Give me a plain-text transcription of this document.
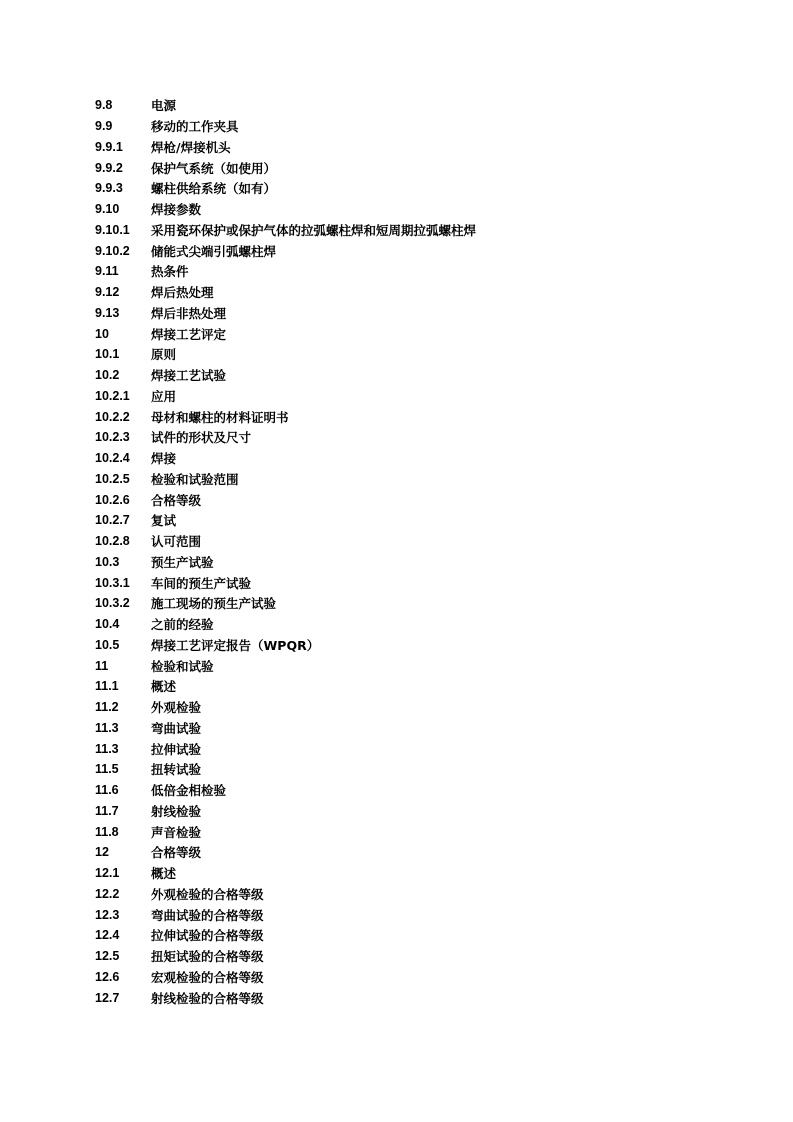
9.8	电源
9.9	移动的工作夹具
9.9.1	焊枪/焊接机头
9.9.2	保护气系统（如使用）
9.9.3	螺柱供给系统（如有）
9.10	焊接参数
9.10.1	采用瓷环保护或保护气体的拉弧螺柱焊和短周期拉弧螺柱焊
9.10.2	储能式尖端引弧螺柱焊
9.11	热条件
9.12	焊后热处理
9.13	焊后非热处理
10	焊接工艺评定
10.1	原则
10.2	焊接工艺试验
10.2.1	应用
10.2.2	母材和螺柱的材料证明书
10.2.3	试件的形状及尺寸
10.2.4	焊接
10.2.5	检验和试验范围
10.2.6	合格等级
10.2.7	复试
10.2.8	认可范围
10.3	预生产试验
10.3.1	车间的预生产试验
10.3.2	施工现场的预生产试验
10.4	之前的经验
10.5	焊接工艺评定报告（WPQR）
11	检验和试验
11.1	概述
11.2	外观检验
11.3	弯曲试验
11.3	拉伸试验
11.5	扭转试验
11.6	低倍金相检验
11.7	射线检验
11.8	声音检验
12	合格等级
12.1	概述
12.2	外观检验的合格等级
12.3	弯曲试验的合格等级
12.4	拉伸试验的合格等级
12.5	扭矩试验的合格等级
12.6	宏观检验的合格等级
12.7	射线检验的合格等级
